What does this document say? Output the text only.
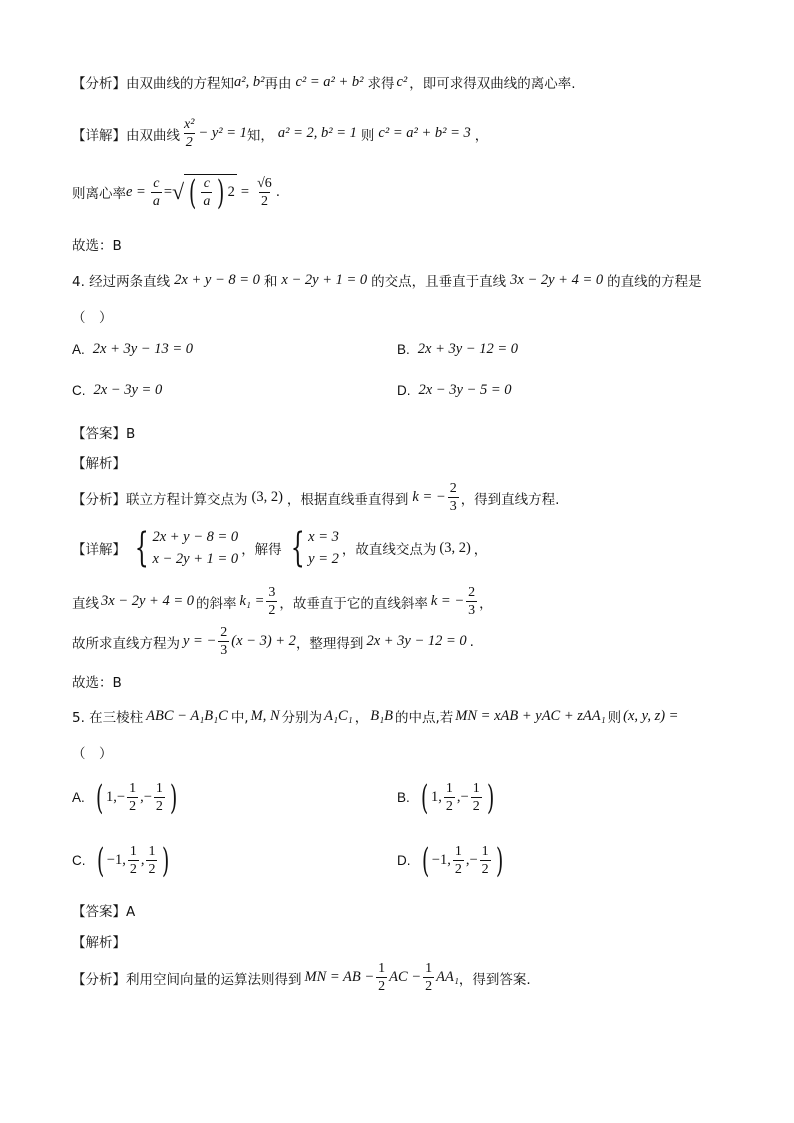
【分析】 由双曲线的方程知 a², b² 再由 c² = a² + b² 求得 c² ，即可求得双曲线的离心率.
【详解】 由双曲线 $\frac{\text{x²}}{2} - y^2 = 1$ 知， a² = 2, b² = 1 则 c² = a² + b² = 3 ，
则离心率 $e = \frac{c}{a}$ = √ ( $\frac{c}{a}$ ) $2 = \frac{√6}{2}$ .
故选：B
4. 经过两条直线 2x + y − 8 = 0 和 x − 2y + 1 = 0 的交点，且垂直于直线 3x − 2y + 4 = 0 的直线的方程是
（　）
A. 2x + 3y − 13 = 0	B. 2x + 3y − 12 = 0
C. 2x − 3y = 0	D. 2x − 3y − 5 = 0
【答案】B
【解析】
【分析】 联立方程计算交点为 (3, 2) ，根据直线垂直得到 k = − $\frac{2}{3}$ ，得到直线方程.
【详解】 { 2x + y − 8 = 0
x − 2y + 1 = 0
，解得 { x = 3
y = 2
，故直线交点为 (3, 2) ，
直线 3x − 2y + 4 = 0 的斜率 $k_1 = \frac{3}{2}$ ，故垂直于它的直线斜率 k = − $\frac{2}{3}$ ，
故所求直线方程为 y = − $\frac{2}{3} (x - 3) + 2$ ，整理得到 2x + 3y − 12 = 0 .
故选：B
5. 在三棱柱 ABC − A₁B₁C 中, M, N 分别为 A₁C₁ ， B₁B 的中点,若 MN = xAB + yAC + zAA₁ 则 (x, y, z) =
（　）
A. ( 1, − $\frac{1}{2}$ ,− $\frac{1}{2}$ )	B. ( 1, $\frac{1}{2}$ ,− $\frac{1}{2}$ )
C. ( −1, $\frac{1}{2}$ , $\frac{1}{2}$ )	D. ( −1, $\frac{1}{2}$ ,− $\frac{1}{2}$ )
【答案】A
【解析】
【分析】 利用空间向量的运算法则得到 MN = AB − $\frac{1}{2}$ AC − $\frac{1}{2} AA_1$ ，得到答案.
